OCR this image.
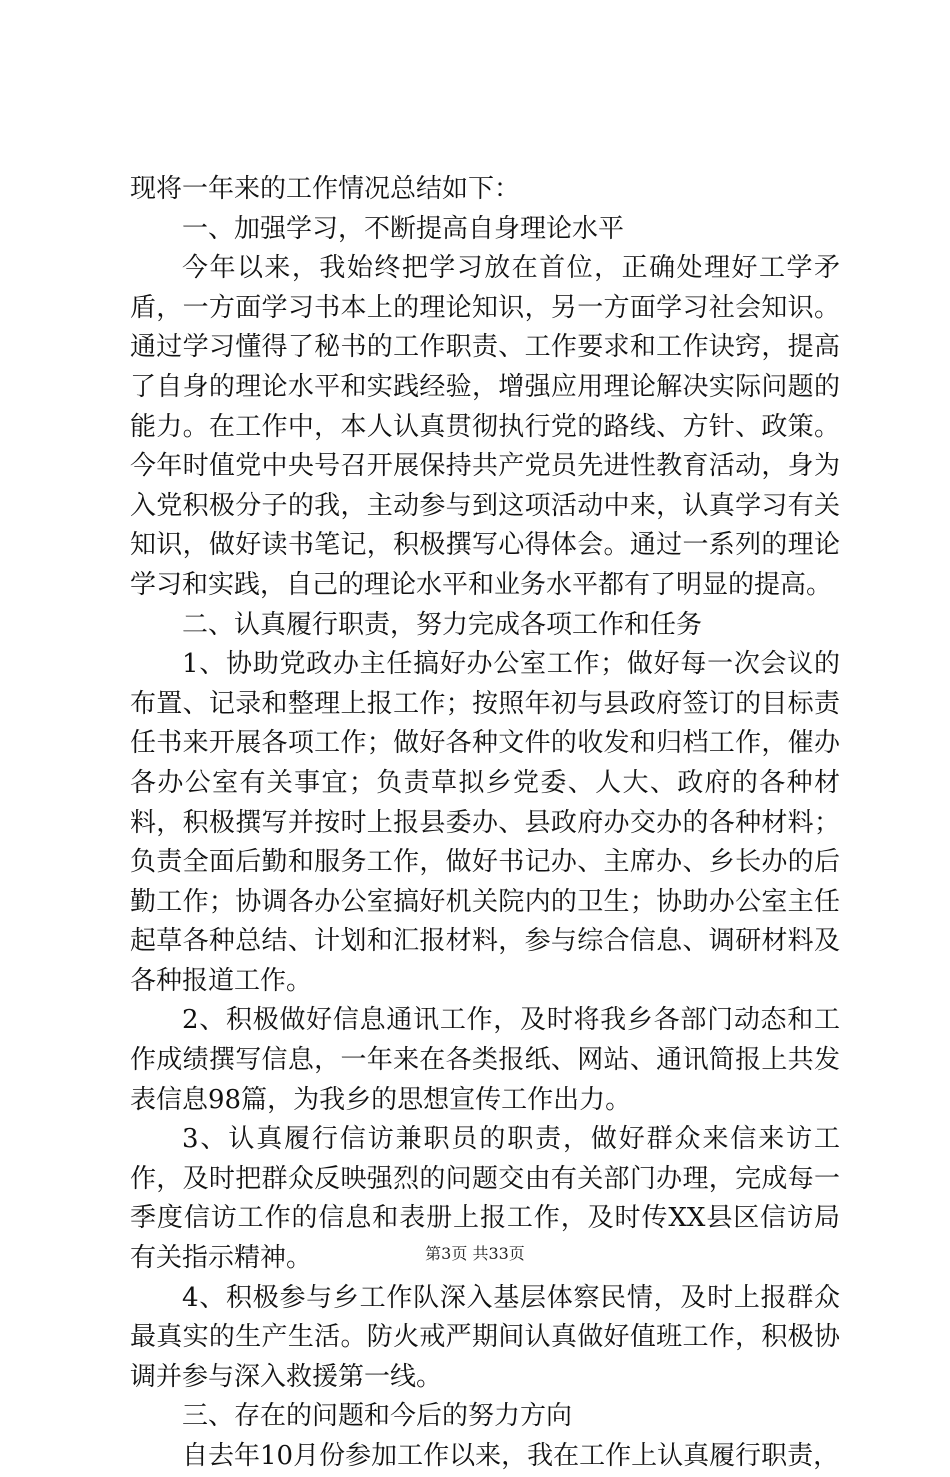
现将一年来的工作情况总结如下：

一、加强学习，不断提高自身理论水平

今年以来，我始终把学习放在首位，正确处理好工学矛盾，一方面学习书本上的理论知识，另一方面学习社会知识。通过学习懂得了秘书的工作职责、工作要求和工作诀窍，提高了自身的理论水平和实践经验，增强应用理论解决实际问题的能力。在工作中，本人认真贯彻执行党的路线、方针、政策。今年时值党中央号召开展保持共产党员先进性教育活动，身为入党积极分子的我，主动参与到这项活动中来，认真学习有关知识，做好读书笔记，积极撰写心得体会。通过一系列的理论学习和实践，自己的理论水平和业务水平都有了明显的提高。

二、认真履行职责，努力完成各项工作和任务

1、协助党政办主任搞好办公室工作；做好每一次会议的布置、记录和整理上报工作；按照年初与县政府签订的目标责任书来开展各项工作；做好各种文件的收发和归档工作，催办各办公室有关事宜；负责草拟乡党委、人大、政府的各种材料，积极撰写并按时上报县委办、县政府办交办的各种材料；负责全面后勤和服务工作，做好书记办、主席办、乡长办的后勤工作；协调各办公室搞好机关院内的卫生；协助办公室主任起草各种总结、计划和汇报材料，参与综合信息、调研材料及各种报道工作。

2、积极做好信息通讯工作，及时将我乡各部门动态和工作成绩撰写信息，一年来在各类报纸、网站、通讯简报上共发表信息98篇，为我乡的思想宣传工作出力。

3、认真履行信访兼职员的职责，做好群众来信来访工作，及时把群众反映强烈的问题交由有关部门办理，完成每一季度信访工作的信息和表册上报工作，及时传XX县区信访局有关指示精神。

4、积极参与乡工作队深入基层体察民情，及时上报群众最真实的生产生活。防火戒严期间认真做好值班工作，积极协调并参与深入救援第一线。

三、存在的问题和今后的努力方向

自去年10月份参加工作以来，我在工作上认真履行职责，

第3页 共33页
